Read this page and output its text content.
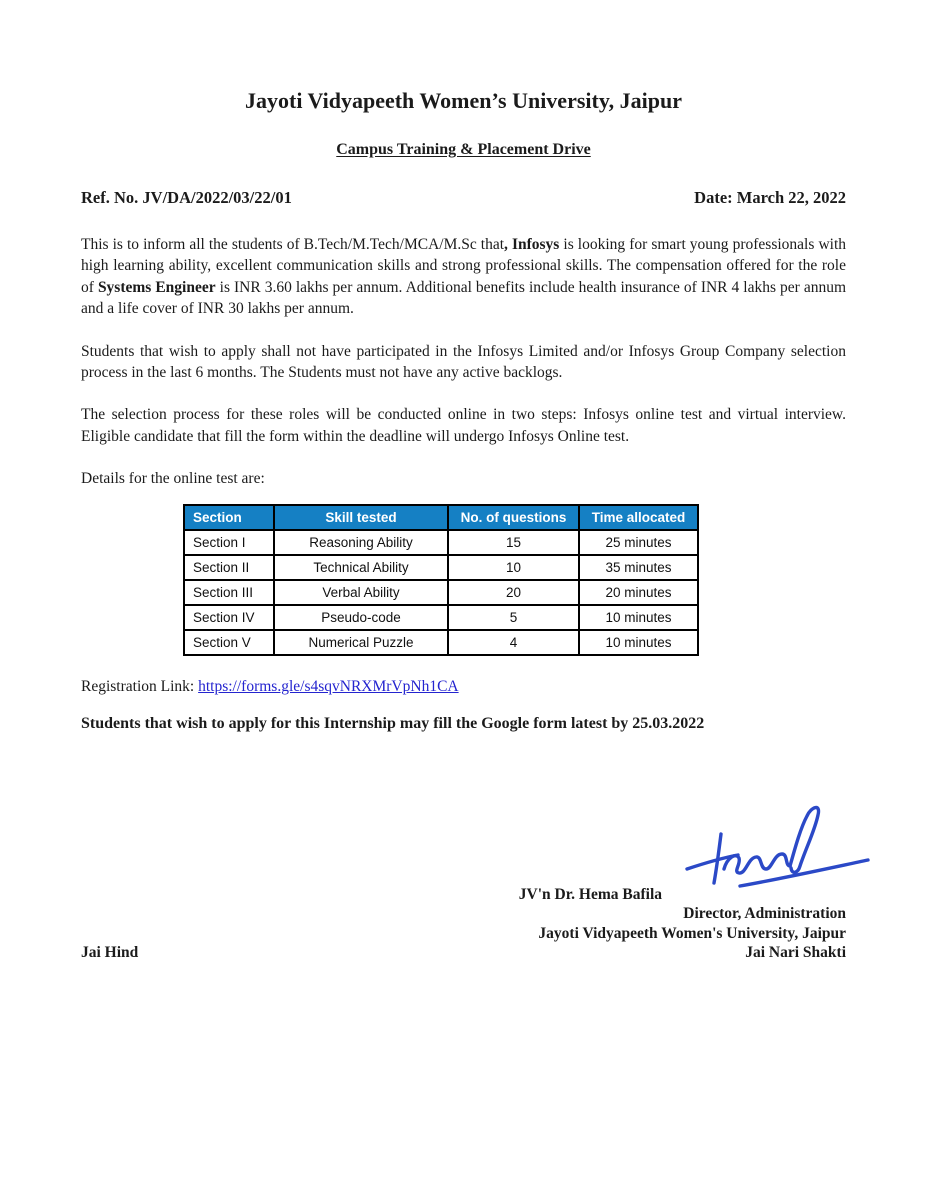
Jayoti Vidyapeeth Women’s University, Jaipur
Campus Training & Placement Drive
Ref. No. JV/DA/2022/03/22/01	Date: March 22, 2022

This is to inform all the students of B.Tech/M.Tech/MCA/M.Sc that, Infosys is looking for smart young professionals with high learning ability, excellent communication skills and strong professional skills. The compensation offered for the role of Systems Engineer is INR 3.60 lakhs per annum. Additional benefits include health insurance of INR 4 lakhs per annum and a life cover of INR 30 lakhs per annum.

Students that wish to apply shall not have participated in the Infosys Limited and/or Infosys Group Company selection process in the last 6 months. The Students must not have any active backlogs.

The selection process for these roles will be conducted online in two steps: Infosys online test and virtual interview. Eligible candidate that fill the form within the deadline will undergo Infosys Online test.

Details for the online test are:

Section	Skill tested	No. of questions	Time allocated
Section I	Reasoning Ability	15	25 minutes
Section II	Technical Ability	10	35 minutes
Section III	Verbal Ability	20	20 minutes
Section IV	Pseudo-code	5	10 minutes
Section V	Numerical Puzzle	4	10 minutes

Registration Link: https://forms.gle/s4sqvNRXMrVpNh1CA

Students that wish to apply for this Internship may fill the Google form latest by 25.03.2022

JV'n Dr. Hema Bafila
Director, Administration
Jayoti Vidyapeeth Women's University, Jaipur
Jai Nari Shakti
Jai Hind
